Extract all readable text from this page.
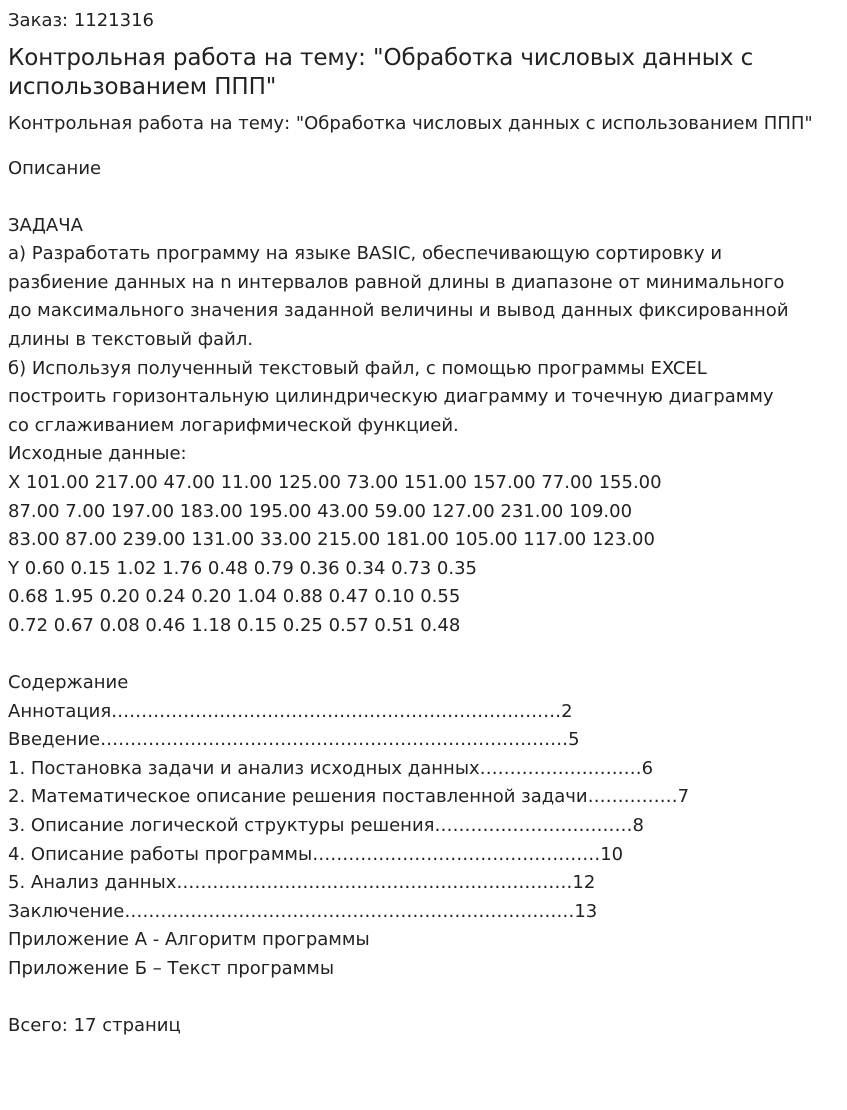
Заказ: 1121316

Контрольная работа на тему: "Обработка числовых данных с использованием ППП"

Контрольная работа на тему: "Обработка числовых данных с использованием ППП"

Описание

ЗАДАЧА
а) Разработать программу на языке BASIC, обеспечивающую сортировку и
разбиение данных на n интервалов равной длины в диапазоне от минимального
до максимального значения заданной величины и вывод данных фиксированной
длины в текстовый файл.
б) Используя полученный текстовый файл, с помощью программы EXCEL
построить горизонтальную цилиндрическую диаграмму и точечную диаграмму
со сглаживанием логарифмической функцией.
Исходные данные:
X 101.00 217.00 47.00 11.00 125.00 73.00 151.00 157.00 77.00 155.00
87.00 7.00 197.00 183.00 195.00 43.00 59.00 127.00 231.00 109.00
83.00 87.00 239.00 131.00 33.00 215.00 181.00 105.00 117.00 123.00
Y 0.60 0.15 1.02 1.76 0.48 0.79 0.36 0.34 0.73 0.35
0.68 1.95 0.20 0.24 0.20 1.04 0.88 0.47 0.10 0.55
0.72 0.67 0.08 0.46 1.18 0.15 0.25 0.57 0.51 0.48
Содержание
Аннотация…………………………………………………………………2
Введение……………………………………………………………………5
1. Постановка задачи и анализ исходных данных………………………6
2. Математическое описание решения поставленной задачи……………7
3. Описание логической структуры решения……………………………8
4. Описание работы программы…………………………………………10
5. Анализ данных…………………………………………………………12
Заключение…………………………………………………………………13
Приложение А - Алгоритм программы
Приложение Б – Текст программы

Всего: 17 страниц
